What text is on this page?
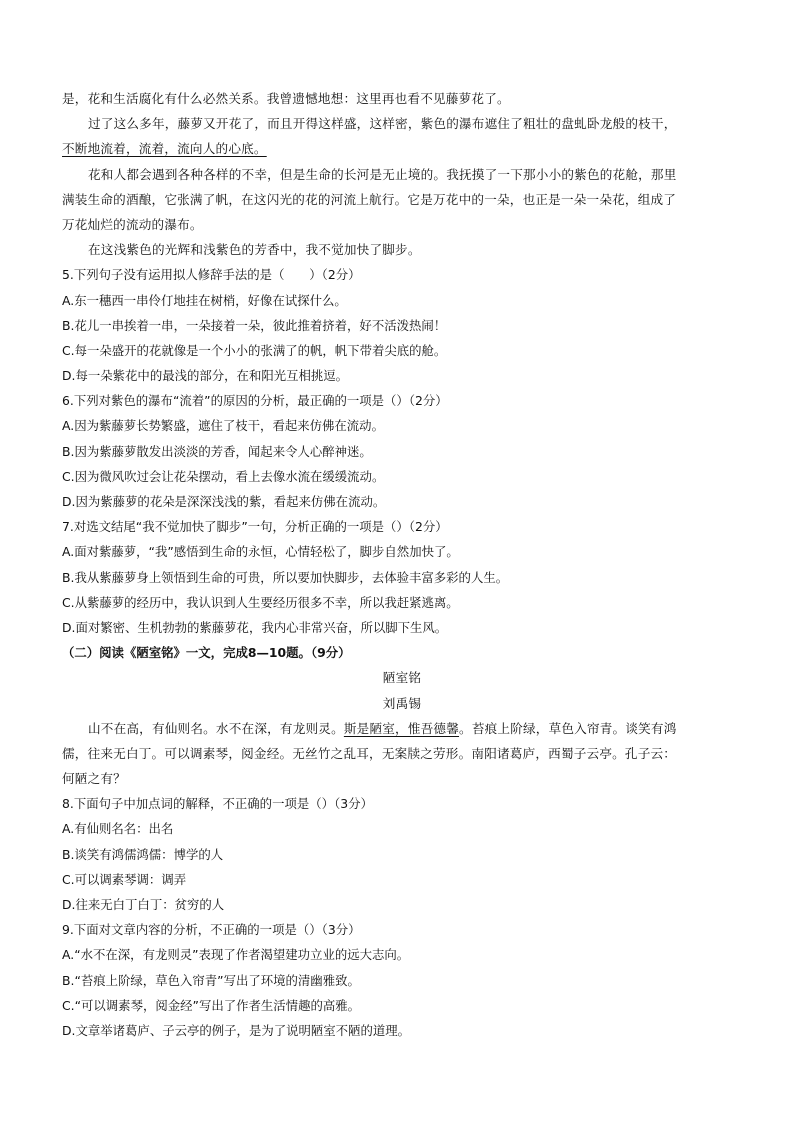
是，花和生活腐化有什么必然关系。我曾遗憾地想：这里再也看不见藤萝花了。
过了这么多年，藤萝又开花了，而且开得这样盛，这样密，紫色的瀑布遮住了粗壮的盘虬卧龙般的枝干，
不断地流着，流着，流向人的心底。
花和人都会遇到各种各样的不幸，但是生命的长河是无止境的。我抚摸了一下那小小的紫色的花舱，那里
满装生命的酒酿，它张满了帆，在这闪光的花的河流上航行。它是万花中的一朵，也正是一朵一朵花，组成了
万花灿烂的流动的瀑布。
在这浅紫色的光辉和浅紫色的芳香中，我不觉加快了脚步。
5.下列句子没有运用拟人修辞手法的是（　　）（2分）
A.东一穗西一串伶仃地挂在树梢，好像在试探什么。
B.花儿一串挨着一串，一朵接着一朵，彼此推着挤着，好不活泼热闹！
C.每一朵盛开的花就像是一个小小的张满了的帆，帆下带着尖底的舱。
D.每一朵紫花中的最浅的部分，在和阳光互相挑逗。
6.下列对紫色的瀑布“流着”的原因的分析，最正确的一项是（）（2分）
A.因为紫藤萝长势繁盛，遮住了枝干，看起来仿佛在流动。
B.因为紫藤萝散发出淡淡的芳香，闻起来令人心醉神迷。
C.因为微风吹过会让花朵摆动，看上去像水流在缓缓流动。
D.因为紫藤萝的花朵是深深浅浅的紫，看起来仿佛在流动。
7.对选文结尾“我不觉加快了脚步”一句，分析正确的一项是（）（2分）
A.面对紫藤萝，“我”感悟到生命的永恒，心情轻松了，脚步自然加快了。
B.我从紫藤萝身上领悟到生命的可贵，所以要加快脚步，去体验丰富多彩的人生。
C.从紫藤萝的经历中，我认识到人生要经历很多不幸，所以我赶紧逃离。
D.面对繁密、生机勃勃的紫藤萝花，我内心非常兴奋，所以脚下生风。
（二）阅读《陋室铭》一文，完成8—10题。（9分）
陋室铭
刘禹锡
山不在高，有仙则名。水不在深，有龙则灵。斯是陋室，惟吾德馨。苔痕上阶绿，草色入帘青。谈笑有鸿
儒，往来无白丁。可以调素琴，阅金经。无丝竹之乱耳，无案牍之劳形。南阳诸葛庐，西蜀子云亭。孔子云：
何陋之有？
8.下面句子中加点词的解释，不正确的一项是（）（3分）
A.有仙则名名：出名
B.谈笑有鸿儒鸿儒：博学的人
C.可以调素琴调：调弄
D.往来无白丁白丁：贫穷的人
9.下面对文章内容的分析，不正确的一项是（）（3分）
A.“水不在深，有龙则灵”表现了作者渴望建功立业的远大志向。
B.“苔痕上阶绿，草色入帘青”写出了环境的清幽雅致。
C.“可以调素琴，阅金经”写出了作者生活情趣的高雅。
D.文章举诸葛庐、子云亭的例子，是为了说明陋室不陋的道理。
